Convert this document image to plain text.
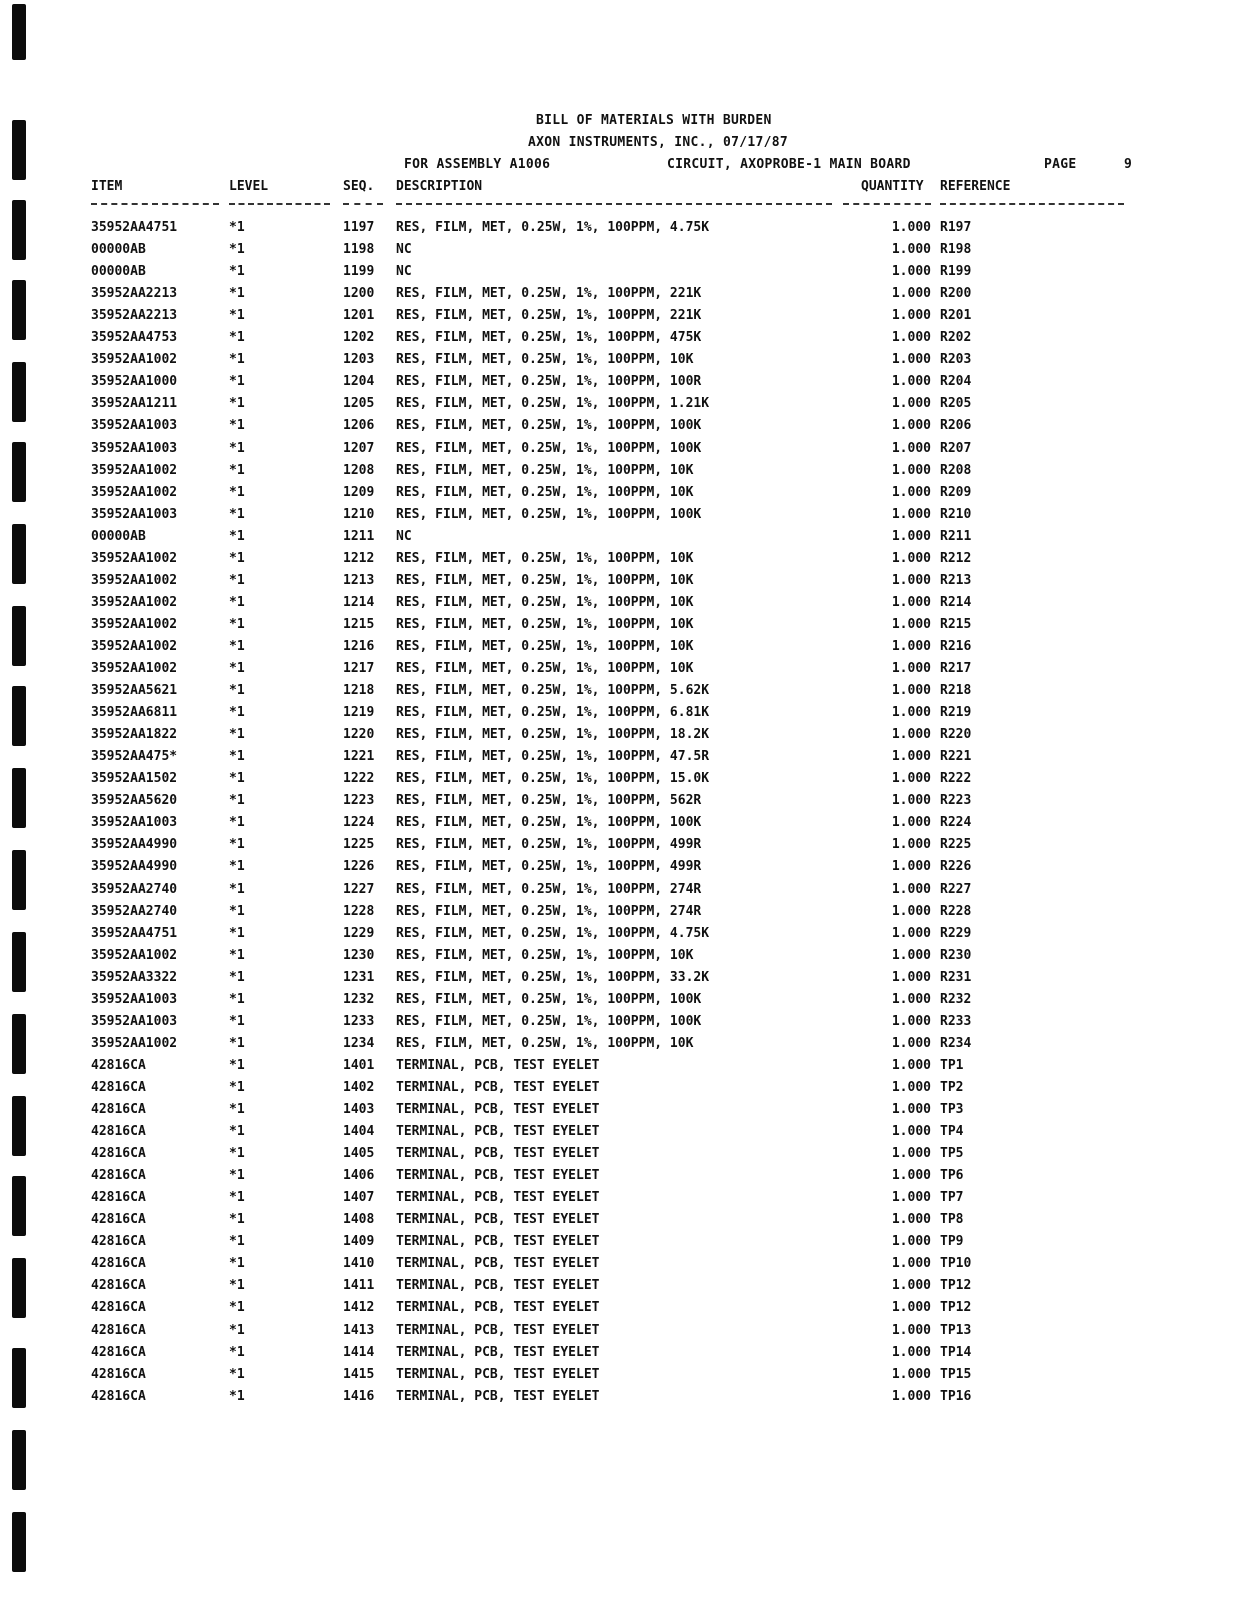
BILL OF MATERIALS WITH BURDEN
AXON INSTRUMENTS, INC., 07/17/87
FOR ASSEMBLY A1006	CIRCUIT, AXOPROBE-1 MAIN BOARD	PAGE	9
ITEM	LEVEL	SEQ. DESCRIPTION	QUANTITY REFERENCE
35952AA4751	*1	1197 RES, FILM, MET, 0.25W, 1%, 100PPM, 4.75K	1.000 R197
00000AB	*1	1198 NC	1.000 R198
00000AB	*1	1199 NC	1.000 R199
35952AA2213	*1	1200 RES, FILM, MET, 0.25W, 1%, 100PPM, 221K	1.000 R200
35952AA2213	*1	1201 RES, FILM, MET, 0.25W, 1%, 100PPM, 221K	1.000 R201
35952AA4753	*1	1202 RES, FILM, MET, 0.25W, 1%, 100PPM, 475K	1.000 R202
35952AA1002	*1	1203 RES, FILM, MET, 0.25W, 1%, 100PPM, 10K	1.000 R203
35952AA1000	*1	1204 RES, FILM, MET, 0.25W, 1%, 100PPM, 100R	1.000 R204
35952AA1211	*1	1205 RES, FILM, MET, 0.25W, 1%, 100PPM, 1.21K	1.000 R205
35952AA1003	*1	1206 RES, FILM, MET, 0.25W, 1%, 100PPM, 100K	1.000 R206
35952AA1003	*1	1207 RES, FILM, MET, 0.25W, 1%, 100PPM, 100K	1.000 R207
35952AA1002	*1	1208 RES, FILM, MET, 0.25W, 1%, 100PPM, 10K	1.000 R208
35952AA1002	*1	1209 RES, FILM, MET, 0.25W, 1%, 100PPM, 10K	1.000 R209
35952AA1003	*1	1210 RES, FILM, MET, 0.25W, 1%, 100PPM, 100K	1.000 R210
00000AB	*1	1211 NC	1.000 R211
35952AA1002	*1	1212 RES, FILM, MET, 0.25W, 1%, 100PPM, 10K	1.000 R212
35952AA1002	*1	1213 RES, FILM, MET, 0.25W, 1%, 100PPM, 10K	1.000 R213
35952AA1002	*1	1214 RES, FILM, MET, 0.25W, 1%, 100PPM, 10K	1.000 R214
35952AA1002	*1	1215 RES, FILM, MET, 0.25W, 1%, 100PPM, 10K	1.000 R215
35952AA1002	*1	1216 RES, FILM, MET, 0.25W, 1%, 100PPM, 10K	1.000 R216
35952AA1002	*1	1217 RES, FILM, MET, 0.25W, 1%, 100PPM, 10K	1.000 R217
35952AA5621	*1	1218 RES, FILM, MET, 0.25W, 1%, 100PPM, 5.62K	1.000 R218
35952AA6811	*1	1219 RES, FILM, MET, 0.25W, 1%, 100PPM, 6.81K	1.000 R219
35952AA1822	*1	1220 RES, FILM, MET, 0.25W, 1%, 100PPM, 18.2K	1.000 R220
35952AA475*	*1	1221 RES, FILM, MET, 0.25W, 1%, 100PPM, 47.5R	1.000 R221
35952AA1502	*1	1222 RES, FILM, MET, 0.25W, 1%, 100PPM, 15.0K	1.000 R222
35952AA5620	*1	1223 RES, FILM, MET, 0.25W, 1%, 100PPM, 562R	1.000 R223
35952AA1003	*1	1224 RES, FILM, MET, 0.25W, 1%, 100PPM, 100K	1.000 R224
35952AA4990	*1	1225 RES, FILM, MET, 0.25W, 1%, 100PPM, 499R	1.000 R225
35952AA4990	*1	1226 RES, FILM, MET, 0.25W, 1%, 100PPM, 499R	1.000 R226
35952AA2740	*1	1227 RES, FILM, MET, 0.25W, 1%, 100PPM, 274R	1.000 R227
35952AA2740	*1	1228 RES, FILM, MET, 0.25W, 1%, 100PPM, 274R	1.000 R228
35952AA4751	*1	1229 RES, FILM, MET, 0.25W, 1%, 100PPM, 4.75K	1.000 R229
35952AA1002	*1	1230 RES, FILM, MET, 0.25W, 1%, 100PPM, 10K	1.000 R230
35952AA3322	*1	1231 RES, FILM, MET, 0.25W, 1%, 100PPM, 33.2K	1.000 R231
35952AA1003	*1	1232 RES, FILM, MET, 0.25W, 1%, 100PPM, 100K	1.000 R232
35952AA1003	*1	1233 RES, FILM, MET, 0.25W, 1%, 100PPM, 100K	1.000 R233
35952AA1002	*1	1234 RES, FILM, MET, 0.25W, 1%, 100PPM, 10K	1.000 R234
42816CA	*1	1401 TERMINAL, PCB, TEST EYELET	1.000 TP1
42816CA	*1	1402 TERMINAL, PCB, TEST EYELET	1.000 TP2
42816CA	*1	1403 TERMINAL, PCB, TEST EYELET	1.000 TP3
42816CA	*1	1404 TERMINAL, PCB, TEST EYELET	1.000 TP4
42816CA	*1	1405 TERMINAL, PCB, TEST EYELET	1.000 TP5
42816CA	*1	1406 TERMINAL, PCB, TEST EYELET	1.000 TP6
42816CA	*1	1407 TERMINAL, PCB, TEST EYELET	1.000 TP7
42816CA	*1	1408 TERMINAL, PCB, TEST EYELET	1.000 TP8
42816CA	*1	1409 TERMINAL, PCB, TEST EYELET	1.000 TP9
42816CA	*1	1410 TERMINAL, PCB, TEST EYELET	1.000 TP10
42816CA	*1	1411 TERMINAL, PCB, TEST EYELET	1.000 TP12
42816CA	*1	1412 TERMINAL, PCB, TEST EYELET	1.000 TP12
42816CA	*1	1413 TERMINAL, PCB, TEST EYELET	1.000 TP13
42816CA	*1	1414 TERMINAL, PCB, TEST EYELET	1.000 TP14
42816CA	*1	1415 TERMINAL, PCB, TEST EYELET	1.000 TP15
42816CA	*1	1416 TERMINAL, PCB, TEST EYELET	1.000 TP16
